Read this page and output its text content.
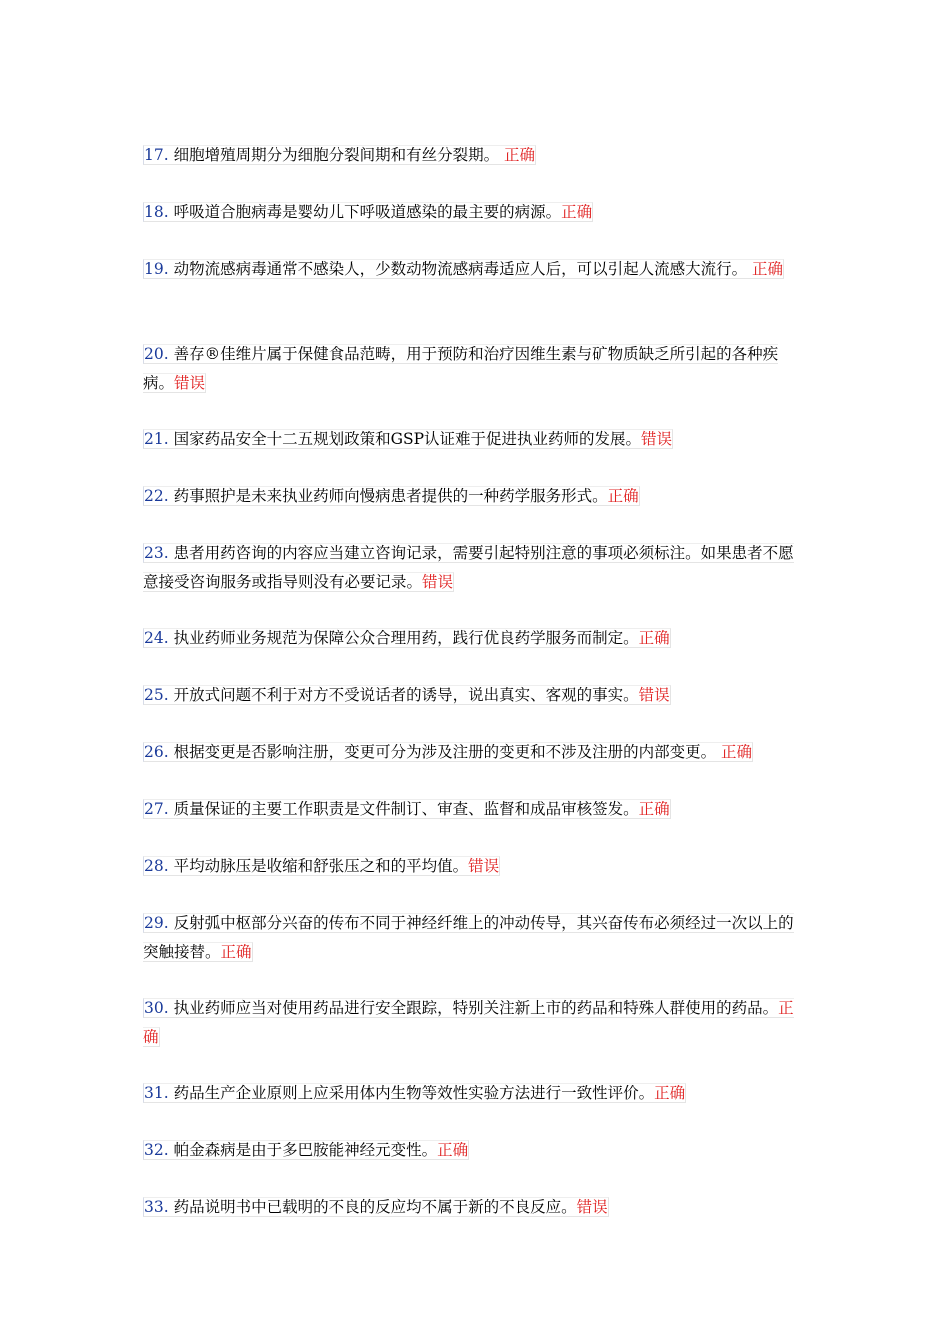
17. 细胞增殖周期分为细胞分裂间期和有丝分裂期。 正确

18. 呼吸道合胞病毒是婴幼儿下呼吸道感染的最主要的病源。正确

19. 动物流感病毒通常不感染人，少数动物流感病毒适应人后，可以引起人流感大流行。 正确

20. 善存®佳维片属于保健食品范畴，用于预防和治疗因维生素与矿物质缺乏所引起的各种疾病。错误

21. 国家药品安全十二五规划政策和GSP认证难于促进执业药师的发展。错误

22. 药事照护是未来执业药师向慢病患者提供的一种药学服务形式。正确

23. 患者用药咨询的内容应当建立咨询记录，需要引起特别注意的事项必须标注。如果患者不愿意接受咨询服务或指导则没有必要记录。错误

24. 执业药师业务规范为保障公众合理用药，践行优良药学服务而制定。正确

25. 开放式问题不利于对方不受说话者的诱导，说出真实、客观的事实。错误

26. 根据变更是否影响注册，变更可分为涉及注册的变更和不涉及注册的内部变更。 正确

27. 质量保证的主要工作职责是文件制订、审查、监督和成品审核签发。正确

28. 平均动脉压是收缩和舒张压之和的平均值。错误

29. 反射弧中枢部分兴奋的传布不同于神经纤维上的冲动传导，其兴奋传布必须经过一次以上的突触接替。正确

30. 执业药师应当对使用药品进行安全跟踪，特别关注新上市的药品和特殊人群使用的药品。正确

31. 药品生产企业原则上应采用体内生物等效性实验方法进行一致性评价。正确

32. 帕金森病是由于多巴胺能神经元变性。正确

33. 药品说明书中已载明的不良的反应均不属于新的不良反应。错误
